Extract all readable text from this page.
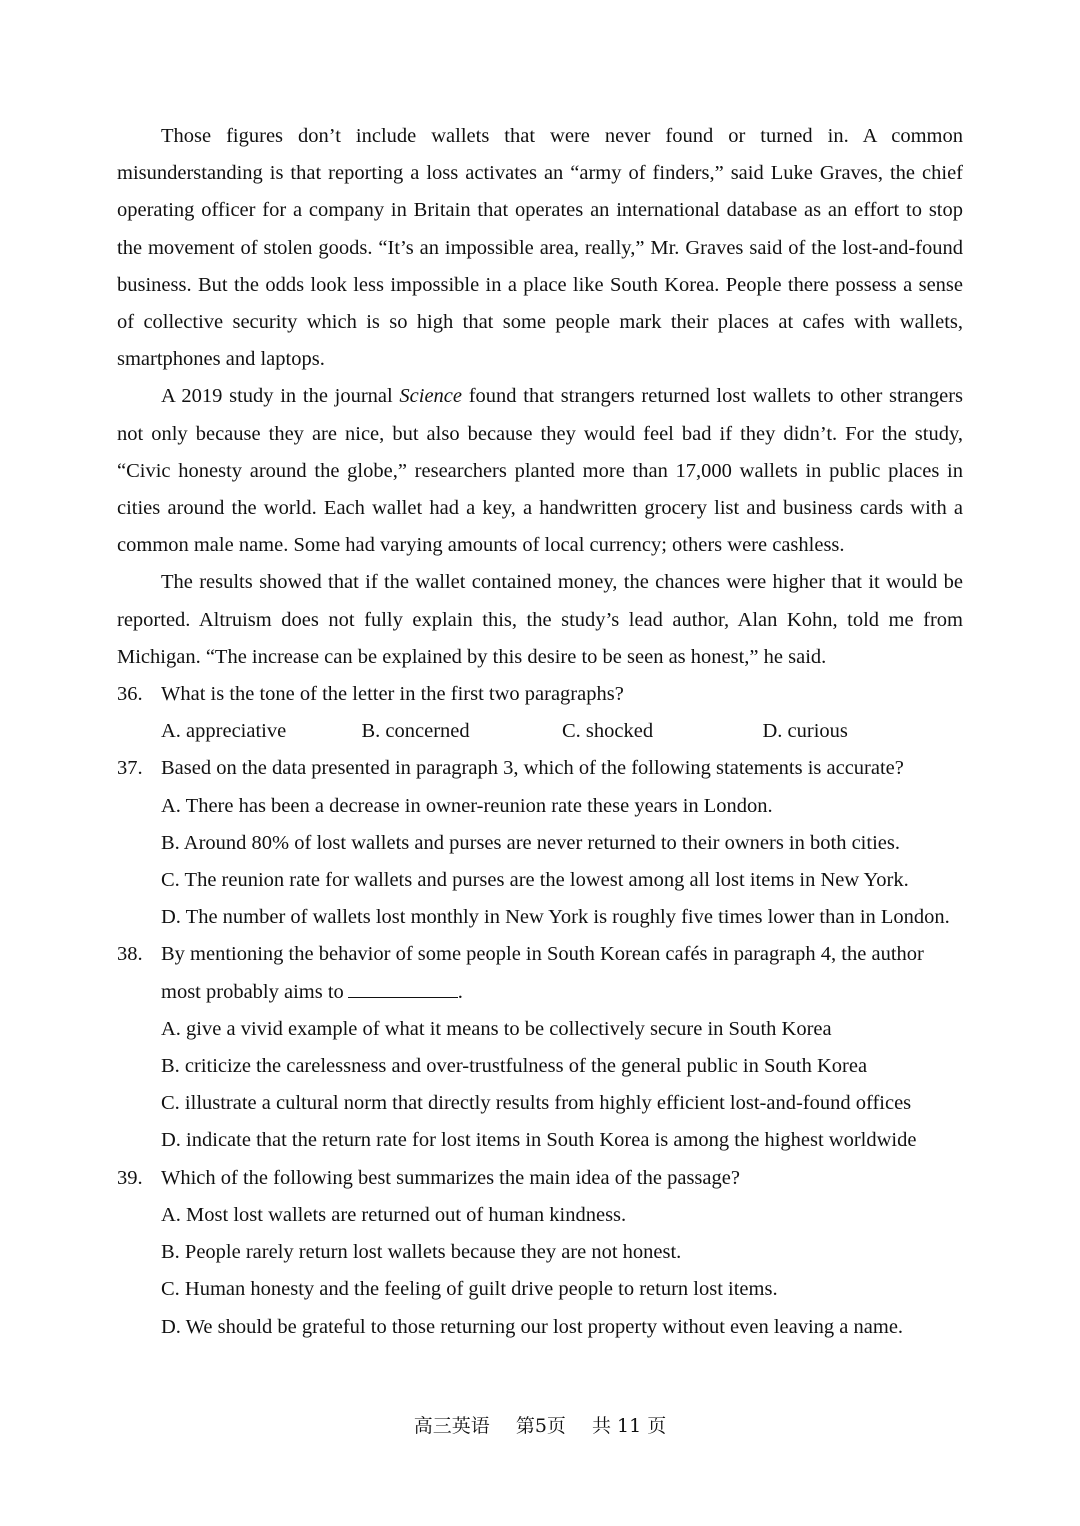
Those figures don’t include wallets that were never found or turned in. A common misunderstanding is that reporting a loss activates an “army of finders,” said Luke Graves, the chief operating officer for a company in Britain that operates an international database as an effort to stop the movement of stolen goods. “It’s an impossible area, really,” Mr. Graves said of the lost-and-found business. But the odds look less impossible in a place like South Korea. People there possess a sense of collective security which is so high that some people mark their places at cafes with wallets, smartphones and laptops.

A 2019 study in the journal Science found that strangers returned lost wallets to other strangers not only because they are nice, but also because they would feel bad if they didn’t. For the study, “Civic honesty around the globe,” researchers planted more than 17,000 wallets in public places in cities around the world. Each wallet had a key, a handwritten grocery list and business cards with a common male name. Some had varying amounts of local currency; others were cashless.

The results showed that if the wallet contained money, the chances were higher that it would be reported. Altruism does not fully explain this, the study’s lead author, Alan Kohn, told me from Michigan. “The increase can be explained by this desire to be seen as honest,” he said.

36. What is the tone of the letter in the first two paragraphs?
A. appreciative	B. concerned	C. shocked	D. curious
37. Based on the data presented in paragraph 3, which of the following statements is accurate?
A. There has been a decrease in owner-reunion rate these years in London.
B. Around 80% of lost wallets and purses are never returned to their owners in both cities.
C. The reunion rate for wallets and purses are the lowest among all lost items in New York.
D. The number of wallets lost monthly in New York is roughly five times lower than in London.
38. By mentioning the behavior of some people in South Korean cafés in paragraph 4, the author
most probably aims to	.
A. give a vivid example of what it means to be collectively secure in South Korea
B. criticize the carelessness and over-trustfulness of the general public in South Korea
C. illustrate a cultural norm that directly results from highly efficient lost-and-found offices
D. indicate that the return rate for lost items in South Korea is among the highest worldwide
39. Which of the following best summarizes the main idea of the passage?
A. Most lost wallets are returned out of human kindness.
B. People rarely return lost wallets because they are not honest.
C. Human honesty and the feeling of guilt drive people to return lost items.
D. We should be grateful to those returning our lost property without even leaving a name.
高三英语 第5页 共 11 页
